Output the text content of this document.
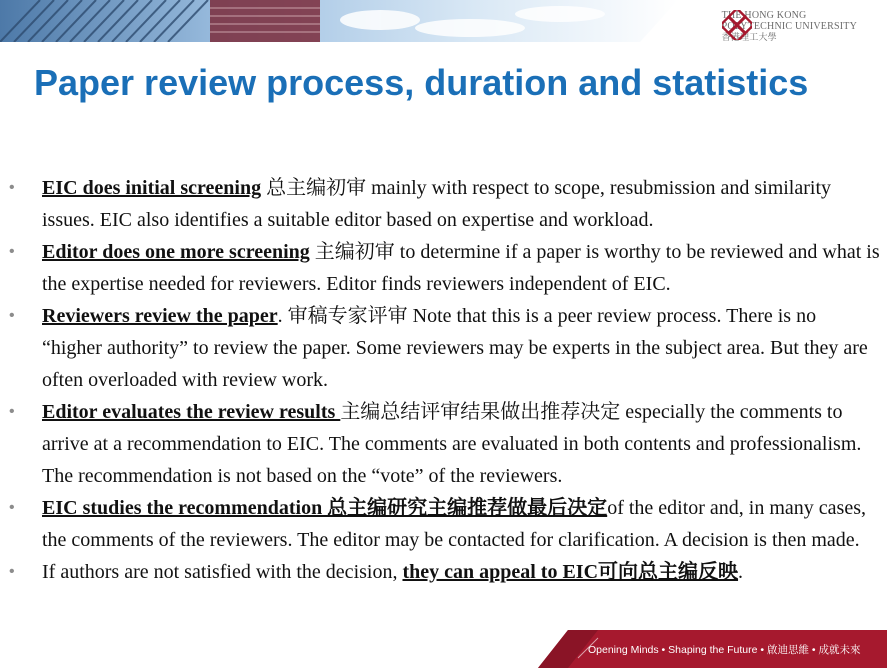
THE HONG KONG
POLYTECHNIC UNIVERSITY
香港理工大學
Paper review process, duration and statistics
• EIC does initial screening 总主编初审 mainly with respect to scope, resubmission and similarity issues. EIC also identifies a suitable editor based on expertise and workload.
• Editor does one more screening 主编初审 to determine if a paper is worthy to be reviewed and what is the expertise needed for reviewers. Editor finds reviewers independent of EIC.
• Reviewers review the paper. 审稿专家评审 Note that this is a peer review process. There is no “higher authority” to review the paper. Some reviewers may be experts in the subject area. But they are often overloaded with review work.
• Editor evaluates the review results 主编总结评审结果做出推荐决定 especially the comments to arrive at a recommendation to EIC. The comments are evaluated in both contents and professionalism. The recommendation is not based on the “vote” of the reviewers.
• EIC studies the recommendation 总主编研究主编推荐做最后决定of the editor and, in many cases, the comments of the reviewers. The editor may be contacted for clarification. A decision is then made.
• If authors are not satisfied with the decision, they can appeal to EIC可向总主编反映.
Opening Minds • Shaping the Future • 啟迪思維 • 成就未來
